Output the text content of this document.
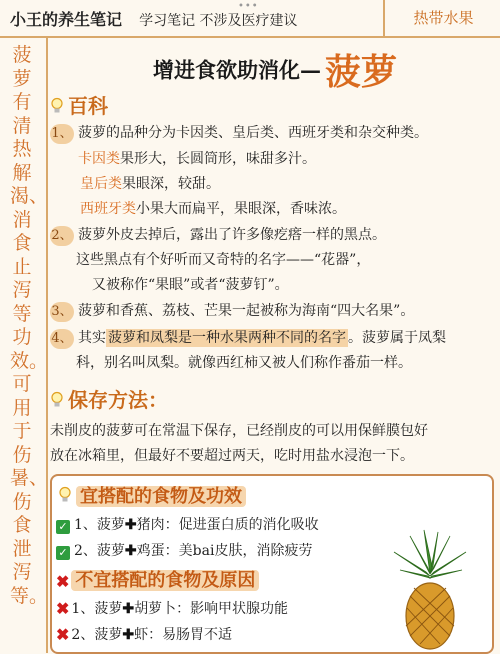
小王的养生笔记 学习笔记 不涉及医疗建议
•••
热带水果
菠萝有清热解渴、消食止泻等功效。可用于伤暑、伤食泄泻等。
增进食欲助消化— 菠萝
百科
1、 菠萝的品种分为卡因类、皇后类、西班牙类和杂交种类。
卡因类果形大，长圆筒形，味甜多汁。
皇后类果眼深，较甜。
西班牙类小果大而扁平，果眼深，香味浓。
2、 菠萝外皮去掉后，露出了许多像疙瘩一样的黑点。
这些黑点有个好听而又奇特的名字——“花器”，
又被称作“果眼”或者“菠萝钉”。
3、 菠萝和香蕉、荔枝、芒果一起被称为海南“四大名果”。
4、 其实 菠萝和凤梨是一种水果两种不同的名字 。菠萝属于凤梨
科，别名叫凤梨。就像西红柿又被人们称作番茄一样。
保存方法：
未削皮的菠萝可在常温下保存，已经削皮的可以用保鲜膜包好
放在冰箱里，但最好不要超过两天，吃时用盐水浸泡一下。
宜搭配的食物及功效
✓ 1、菠萝✚猪肉：促进蛋白质的消化吸收
✓ 2、菠萝✚鸡蛋：美bai皮肤，消除疲劳
✖ 不宜搭配的食物及原因
✖ 1、菠萝✚胡萝卜：影响甲状腺功能
✖ 2、菠萝✚虾：易肠胃不适
